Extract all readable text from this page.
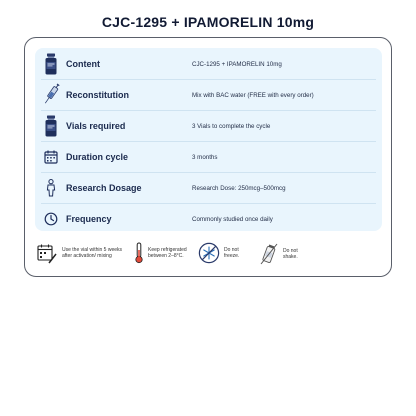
CJC-1295 + IPAMORELIN 10mg
Content	CJC-1295 + IPAMORELIN 10mg
Reconstitution	Mix with BAC water (FREE with every order)
Vials required	3 Vials to complete the cycle
Duration cycle	3 months
Research Dosage	Research Dose: 250mcg–500mcg
Frequency	Commonly studied once daily
Use the vial within 5 weeks
after activation/ mixing
Keep refrigerated
between 2–8°C.
Do not
freeze.
Do not
shake.
